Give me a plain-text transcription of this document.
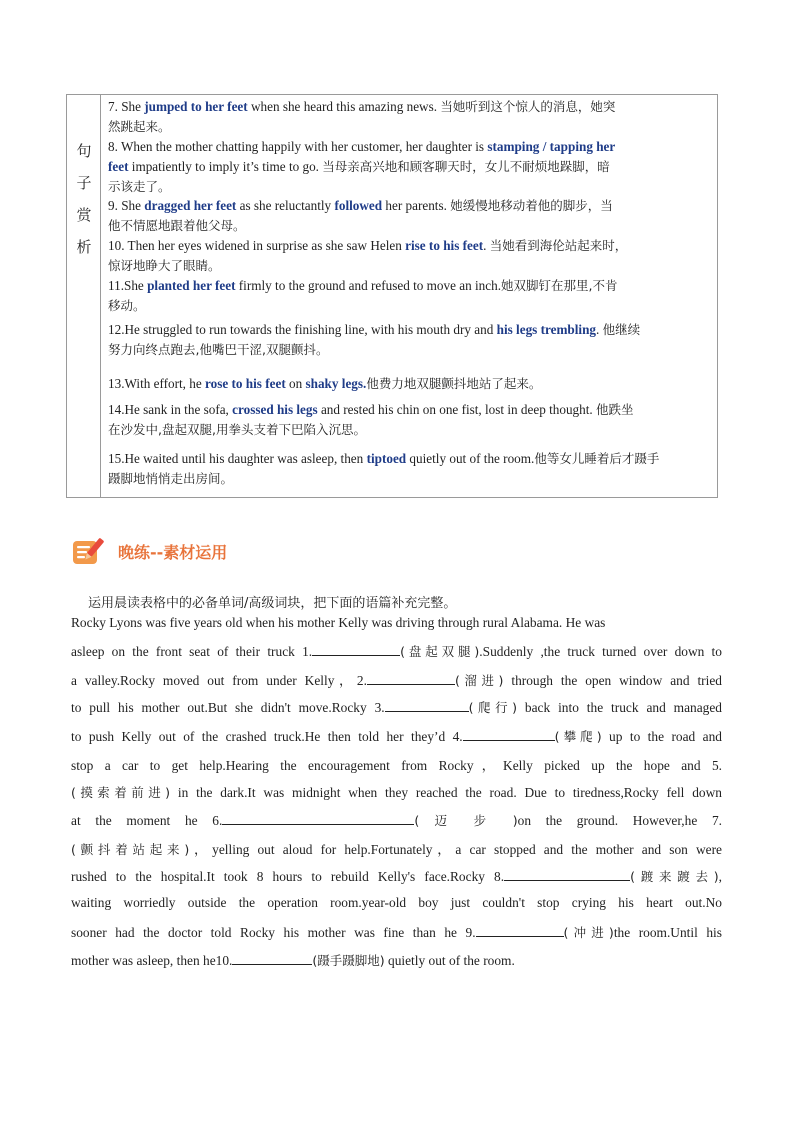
句
子
赏
析
7. She jumped to her feet when she heard this amazing news. 当她听到这个惊人的消息，她突
然跳起来。
8. When the mother chatting happily with her customer, her daughter is stamping / tapping her
feet impatiently to imply it’s time to go. 当母亲高兴地和顾客聊天时，女儿不耐烦地跺脚，暗
示该走了。
9. She dragged her feet as she reluctantly followed her parents. 她缓慢地移动着他的脚步，当
他不情愿地跟着他父母。
10. Then her eyes widened in surprise as she saw Helen rise to his feet. 当她看到海伦站起来时，
惊讶地睁大了眼睛。
11.She planted her feet firmly to the ground and refused to move an inch.她双脚钉在那里,不肯
移动。
12.He struggled to run towards the finishing line, with his mouth dry and his legs trembling. 他继续
努力向终点跑去,他嘴巴干涩,双腿颤抖。
13.With effort, he rose to his feet on shaky legs.他费力地双腿颤抖地站了起来。
14.He sank in the sofa, crossed his legs and rested his chin on one fist, lost in deep thought. 他跌坐
在沙发中,盘起双腿,用拳头支着下巴陷入沉思。
15.He waited until his daughter was asleep, then tiptoed quietly out of the room.他等女儿睡着后才蹑手
蹑脚地悄悄走出房间。
晚练--素材运用
运用晨读表格中的必备单词/高级词块，把下面的语篇补充完整。
Rocky Lyons was five years old when his mother Kelly was driving through rural Alabama. He was
asleep on the front seat of their truck 1.	(盘起双腿).Suddenly ,the truck turned over down to
a valley.Rocky moved out from under Kelly，2.	(溜进) through the open window and tried
to pull his mother out.But she didn't move.Rocky 3.	(爬行) back into the truck and managed
to push Kelly out of the crashed truck.He then told her they’d 4.	(攀爬) up to the road and
stop a car to get help.Hearing the encouragement from Rocky，Kelly picked up the hope and 5.
(摸索着前进) in the dark.It was midnight when they reached the road. Due to tiredness,Rocky fell down
at the moment he 6.	( 迈 步 )on the ground. However,he 7.
(颤抖着站起来)，yelling out aloud for help.Fortunately，a car stopped and the mother and son were
rushed to the hospital.It took 8 hours to rebuild Kelly's face.Rocky 8.	(踱来踱去),
waiting worriedly outside the operation room.year-old boy just couldn't stop crying his heart out.No
sooner had the doctor told Rocky his mother was fine than he 9.	(冲进)the room.Until his
mother was asleep, then he10.	(蹑手蹑脚地) quietly out of the room.
